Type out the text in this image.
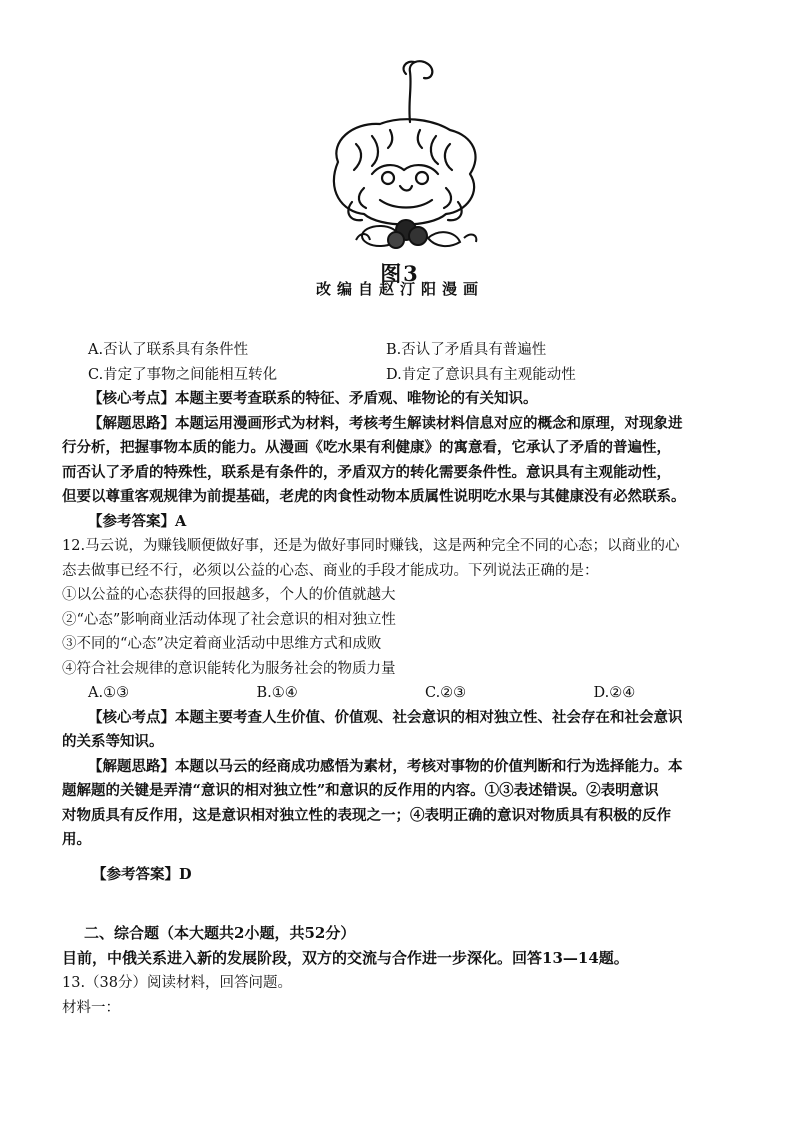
图3
改编自赵汀阳漫画
A.否认了联系具有条件性	B.否认了矛盾具有普遍性
C.肯定了事物之间能相互转化	D.肯定了意识具有主观能动性
【核心考点】本题主要考查联系的特征、矛盾观、唯物论的有关知识。
【解题思路】本题运用漫画形式为材料，考核考生解读材料信息对应的概念和原理，对现象进
行分析，把握事物本质的能力。从漫画《吃水果有利健康》的寓意看，它承认了矛盾的普遍性，
而否认了矛盾的特殊性，联系是有条件的，矛盾双方的转化需要条件性。意识具有主观能动性，
但要以尊重客观规律为前提基础，老虎的肉食性动物本质属性说明吃水果与其健康没有必然联系。
【参考答案】A
12.马云说，为赚钱顺便做好事，还是为做好事同时赚钱，这是两种完全不同的心态；以商业的心
态去做事已经不行，必须以公益的心态、商业的手段才能成功。下列说法正确的是：
①以公益的心态获得的回报越多，个人的价值就越大
②“心态”影响商业活动体现了社会意识的相对独立性
③不同的“心态”决定着商业活动中思维方式和成败
④符合社会规律的意识能转化为服务社会的物质力量
A.①③	B.①④	C.②③	D.②④
【核心考点】本题主要考查人生价值、价值观、社会意识的相对独立性、社会存在和社会意识
的关系等知识。
【解题思路】本题以马云的经商成功感悟为素材，考核对事物的价值判断和行为选择能力。本
题解题的关键是弄清“意识的相对独立性”和意识的反作用的内容。①③表述错误。②表明意识
对物质具有反作用，这是意识相对独立性的表现之一；④表明正确的意识对物质具有积极的反作
用。
【参考答案】D
二、综合题（本大题共2小题，共52分）
目前，中俄关系进入新的发展阶段，双方的交流与合作进一步深化。回答13—14题。
13.（38分）阅读材料，回答问题。
材料一：
